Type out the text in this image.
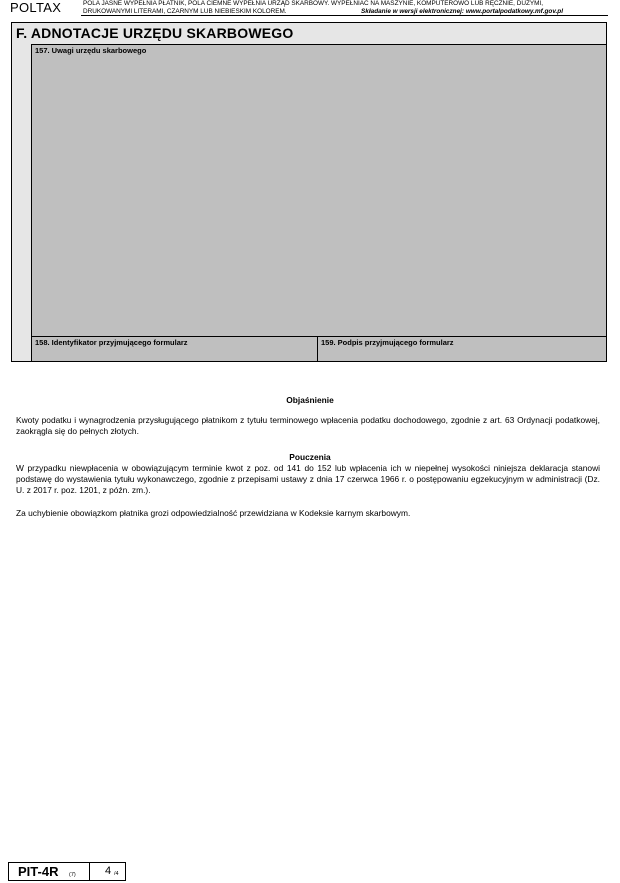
POLTAX	POLA JASNE WYPEŁNIA PŁATNIK, POLA CIEMNE WYPEŁNIA URZĄD SKARBOWY. WYPEŁNIAĆ NA MASZYNIE, KOMPUTEROWO LUB RĘCZNIE, DUŻYMI,
DRUKOWANYMI LITERAMI, CZARNYM LUB NIEBIESKIM KOLOREM.	Składanie w wersji elektronicznej: www.portalpodatkowy.mf.gov.pl
F. ADNOTACJE URZĘDU SKARBOWEGO
157. Uwagi urzędu skarbowego
158. Identyfikator przyjmującego formularz	159. Podpis przyjmującego formularz
Objaśnienie
Kwoty podatku i wynagrodzenia przysługującego płatnikom z tytułu terminowego wpłacenia podatku dochodowego, zgodnie z art. 63 Ordynacji podatkowej, zaokrągla się do pełnych złotych.
Pouczenia
W przypadku niewpłacenia w obowiązującym terminie kwot z poz. od 141 do 152 lub wpłacenia ich w niepełnej wysokości niniejsza deklaracja stanowi podstawę do wystawienia tytułu wykonawczego, zgodnie z przepisami ustawy z dnia 17 czerwca 1966 r. o postępowaniu egzekucyjnym w administracji (Dz. U. z 2017 r. poz. 1201, z późn. zm.).
Za uchybienie obowiązkom płatnika grozi odpowiedzialność przewidziana w Kodeksie karnym skarbowym.
PIT-4R (7)	4 /4
